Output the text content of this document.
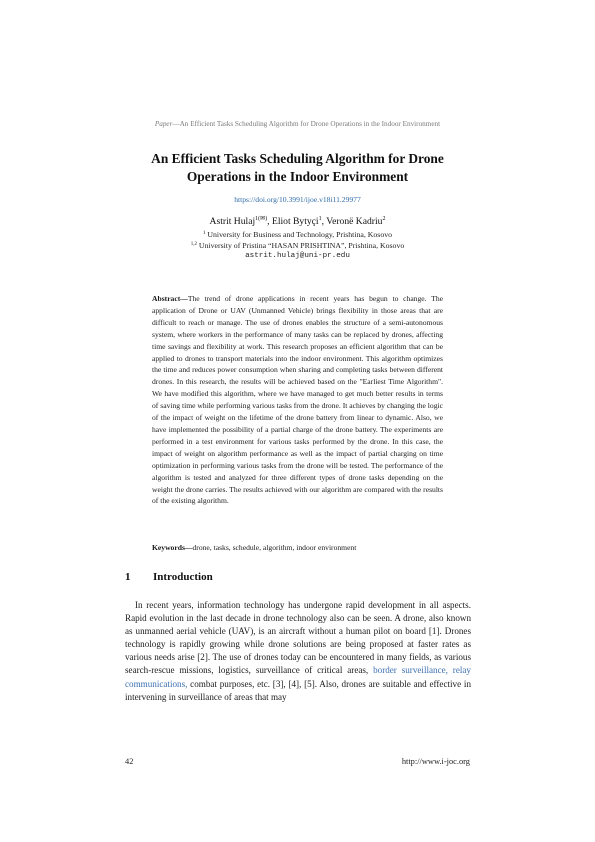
Paper—An Efficient Tasks Scheduling Algorithm for Drone Operations in the Indoor Environment
An Efficient Tasks Scheduling Algorithm for Drone
Operations in the Indoor Environment
https://doi.org/10.3991/ijoe.v18i11.29977
Astrit Hulaj$^{1(✉)}$, Eliot Bytyçi$^1$, Veronë Kadriu$^2$
$^1$ University for Business and Technology, Prishtina, Kosovo
$^{1,2}$ University of Pristina “HASAN PRISHTINA”, Prishtina, Kosovo
astrit.hulaj@uni-pr.edu
Abstract—The trend of drone applications in recent years has begun to change. The application of Drone or UAV (Unmanned Vehicle) brings flexibility in those areas that are difficult to reach or manage. The use of drones enables the structure of a semi-autonomous system, where workers in the performance of many tasks can be replaced by drones, affecting time savings and flexibility at work. This research proposes an efficient algorithm that can be applied to drones to transport materials into the indoor environment. This algorithm optimizes the time and reduces power consumption when sharing and completing tasks between different drones. In this research, the results will be achieved based on the "Earliest Time Algorithm". We have modified this algorithm, where we have managed to get much better results in terms of saving time while performing various tasks from the drone. It achieves by changing the logic of the impact of weight on the lifetime of the drone battery from linear to dynamic. Also, we have implemented the possibility of a partial charge of the drone battery. The experiments are performed in a test environment for various tasks performed by the drone. In this case, the impact of weight on algorithm performance as well as the impact of partial charging on time optimization in performing various tasks from the drone will be tested. The performance of the algorithm is tested and analyzed for three different types of drone tasks depending on the weight the drone carries. The results achieved with our algorithm are compared with the results of the existing algorithm.
Keywords—drone, tasks, schedule, algorithm, indoor environment
1 Introduction
In recent years, information technology has undergone rapid development in all aspects. Rapid evolution in the last decade in drone technology also can be seen. A drone, also known as unmanned aerial vehicle (UAV), is an aircraft without a human pilot on board [1]. Drones technology is rapidly growing while drone solutions are being proposed at faster rates as various needs arise [2]. The use of drones today can be encountered in many fields, as various search-rescue missions, logistics, surveillance of critical areas, border surveillance, relay communications, combat purposes, etc. [3], [4], [5]. Also, drones are suitable and effective in intervening in surveillance of areas that may
42	http://www.i-joc.org
